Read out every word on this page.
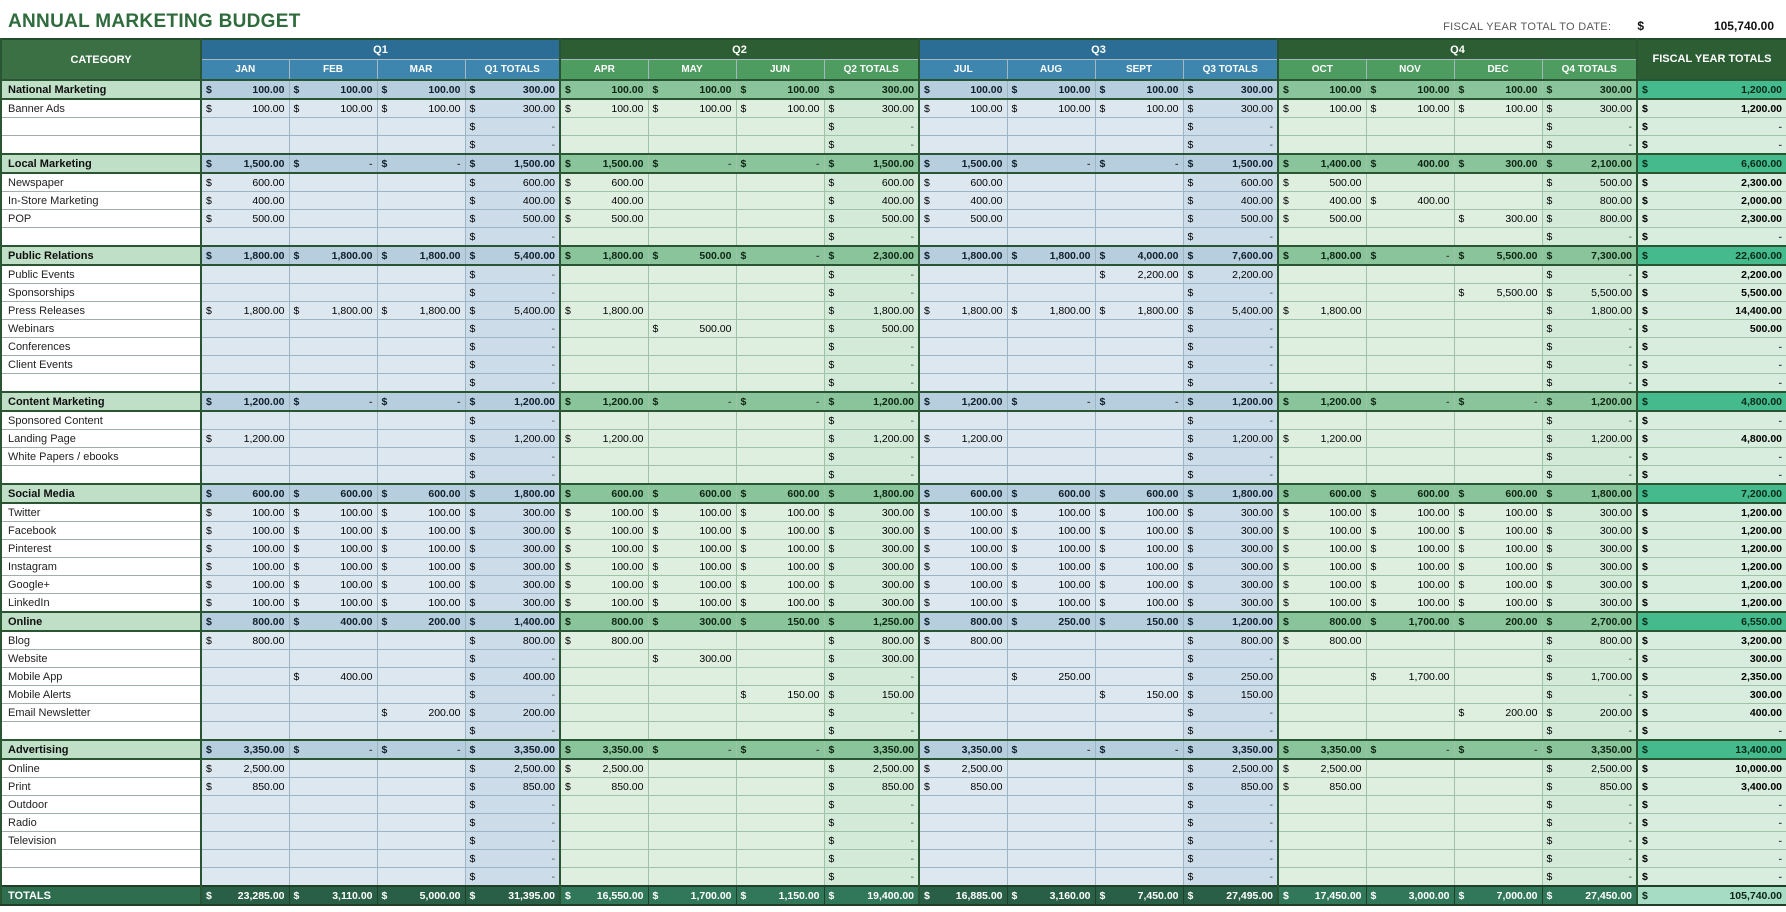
ANNUAL MARKETING BUDGET	FISCAL YEAR TOTAL TO DATE: $	105,740.00
CATEGORY	Q1				Q2				Q3				Q4				FISCAL YEAR TOTALS
	JAN	FEB	MAR	Q1 TOTALS	APR	MAY	JUN	Q2 TOTALS	JUL	AUG	SEPT	Q3 TOTALS	OCT	NOV	DEC	Q4 TOTALS	
National Marketing	$ 100.00	$ 100.00	$ 100.00	$ 300.00	$ 100.00	$ 100.00	$ 100.00	$ 300.00	$ 100.00	$ 100.00	$ 100.00	$ 300.00	$ 100.00	$ 100.00	$ 100.00	$ 300.00	$ 1,200.00

Banner Ads	$ 100.00	$ 100.00	$ 100.00	$ 300.00	$ 100.00	$ 100.00	$ 100.00	$ 300.00	$ 100.00	$ 100.00	$ 100.00	$ 300.00	$ 100.00	$ 100.00	$ 100.00	$ 300.00	$ 1,200.00

				$ -				$ -				$ -				$ -	$ -

				$ -				$ -				$ -				$ -	$ -

Local Marketing	$ 1,500.00	$ -	$ -	$ 1,500.00	$ 1,500.00	$ -	$ -	$ 1,500.00	$ 1,500.00	$ -	$ -	$ 1,500.00	$ 1,400.00	$ 400.00	$ 300.00	$ 2,100.00	$ 6,600.00

Newspaper	$ 600.00			$ 600.00	$ 600.00			$ 600.00	$ 600.00			$ 600.00	$ 500.00			$ 500.00	$ 2,300.00

In-Store Marketing	$ 400.00			$ 400.00	$ 400.00			$ 400.00	$ 400.00			$ 400.00	$ 400.00	$ 400.00		$ 800.00	$ 2,000.00

POP	$ 500.00			$ 500.00	$ 500.00			$ 500.00	$ 500.00			$ 500.00	$ 500.00		$ 300.00	$ 800.00	$ 2,300.00

				$ -				$ -				$ -				$ -	$ -

Public Relations	$ 1,800.00	$ 1,800.00	$ 1,800.00	$ 5,400.00	$ 1,800.00	$ 500.00	$ -	$ 2,300.00	$ 1,800.00	$ 1,800.00	$ 4,000.00	$ 7,600.00	$ 1,800.00	$ -	$ 5,500.00	$ 7,300.00	$ 22,600.00

Public Events				$ -				$ -			$ 2,200.00	$ 2,200.00				$ -	$ 2,200.00

Sponsorships				$ -				$ -				$ -			$ 5,500.00	$ 5,500.00	$ 5,500.00

Press Releases	$ 1,800.00	$ 1,800.00	$ 1,800.00	$ 5,400.00	$ 1,800.00			$ 1,800.00	$ 1,800.00	$ 1,800.00	$ 1,800.00	$ 5,400.00	$ 1,800.00			$ 1,800.00	$ 14,400.00

Webinars				$ -		$ 500.00		$ 500.00				$ -				$ -	$ 500.00

Conferences				$ -				$ -				$ -				$ -	$ -

Client Events				$ -				$ -				$ -				$ -	$ -

				$ -				$ -				$ -				$ -	$ -

Content Marketing	$ 1,200.00	$ -	$ -	$ 1,200.00	$ 1,200.00	$ -	$ -	$ 1,200.00	$ 1,200.00	$ -	$ -	$ 1,200.00	$ 1,200.00	$ -	$ -	$ 1,200.00	$ 4,800.00

Sponsored Content				$ -				$ -				$ -				$ -	$ -

Landing Page	$ 1,200.00			$ 1,200.00	$ 1,200.00			$ 1,200.00	$ 1,200.00			$ 1,200.00	$ 1,200.00			$ 1,200.00	$ 4,800.00

White Papers / ebooks				$ -				$ -				$ -				$ -	$ -

				$ -				$ -				$ -				$ -	$ -

Social Media	$ 600.00	$ 600.00	$ 600.00	$ 1,800.00	$ 600.00	$ 600.00	$ 600.00	$ 1,800.00	$ 600.00	$ 600.00	$ 600.00	$ 1,800.00	$ 600.00	$ 600.00	$ 600.00	$ 1,800.00	$ 7,200.00

Twitter	$ 100.00	$ 100.00	$ 100.00	$ 300.00	$ 100.00	$ 100.00	$ 100.00	$ 300.00	$ 100.00	$ 100.00	$ 100.00	$ 300.00	$ 100.00	$ 100.00	$ 100.00	$ 300.00	$ 1,200.00

Facebook	$ 100.00	$ 100.00	$ 100.00	$ 300.00	$ 100.00	$ 100.00	$ 100.00	$ 300.00	$ 100.00	$ 100.00	$ 100.00	$ 300.00	$ 100.00	$ 100.00	$ 100.00	$ 300.00	$ 1,200.00

Pinterest	$ 100.00	$ 100.00	$ 100.00	$ 300.00	$ 100.00	$ 100.00	$ 100.00	$ 300.00	$ 100.00	$ 100.00	$ 100.00	$ 300.00	$ 100.00	$ 100.00	$ 100.00	$ 300.00	$ 1,200.00

Instagram	$ 100.00	$ 100.00	$ 100.00	$ 300.00	$ 100.00	$ 100.00	$ 100.00	$ 300.00	$ 100.00	$ 100.00	$ 100.00	$ 300.00	$ 100.00	$ 100.00	$ 100.00	$ 300.00	$ 1,200.00

Google+	$ 100.00	$ 100.00	$ 100.00	$ 300.00	$ 100.00	$ 100.00	$ 100.00	$ 300.00	$ 100.00	$ 100.00	$ 100.00	$ 300.00	$ 100.00	$ 100.00	$ 100.00	$ 300.00	$ 1,200.00

LinkedIn	$ 100.00	$ 100.00	$ 100.00	$ 300.00	$ 100.00	$ 100.00	$ 100.00	$ 300.00	$ 100.00	$ 100.00	$ 100.00	$ 300.00	$ 100.00	$ 100.00	$ 100.00	$ 300.00	$ 1,200.00

Online	$ 800.00	$ 400.00	$ 200.00	$ 1,400.00	$ 800.00	$ 300.00	$ 150.00	$ 1,250.00	$ 800.00	$ 250.00	$ 150.00	$ 1,200.00	$ 800.00	$ 1,700.00	$ 200.00	$ 2,700.00	$ 6,550.00

Blog	$ 800.00			$ 800.00	$ 800.00			$ 800.00	$ 800.00			$ 800.00	$ 800.00			$ 800.00	$ 3,200.00

Website				$ -		$ 300.00		$ 300.00				$ -				$ -	$ 300.00

Mobile App		$ 400.00		$ 400.00				$ -		$ 250.00		$ 250.00		$ 1,700.00		$ 1,700.00	$ 2,350.00

Mobile Alerts				$ -			$ 150.00	$ 150.00			$ 150.00	$ 150.00				$ -	$ 300.00

Email Newsletter			$ 200.00	$ 200.00				$ -				$ -			$ 200.00	$ 200.00	$ 400.00

				$ -				$ -				$ -				$ -	$ -

Advertising	$ 3,350.00	$ -	$ -	$ 3,350.00	$ 3,350.00	$ -	$ -	$ 3,350.00	$ 3,350.00	$ -	$ -	$ 3,350.00	$ 3,350.00	$ -	$ -	$ 3,350.00	$ 13,400.00

Online	$ 2,500.00			$ 2,500.00	$ 2,500.00			$ 2,500.00	$ 2,500.00			$ 2,500.00	$ 2,500.00			$ 2,500.00	$ 10,000.00

Print	$ 850.00			$ 850.00	$ 850.00			$ 850.00	$ 850.00			$ 850.00	$ 850.00			$ 850.00	$ 3,400.00

Outdoor				$ -				$ -				$ -				$ -	$ -

Radio				$ -				$ -				$ -				$ -	$ -

Television				$ -				$ -				$ -				$ -	$ -

				$ -				$ -				$ -				$ -	$ -

				$ -				$ -				$ -				$ -	$ -

TOTALS	$ 23,285.00	$ 3,110.00	$ 5,000.00	$ 31,395.00	$ 16,550.00	$ 1,700.00	$ 1,150.00	$ 19,400.00	$ 16,885.00	$ 3,160.00	$ 7,450.00	$ 27,495.00	$ 17,450.00	$ 3,000.00	$ 7,000.00	$ 27,450.00	$ 105,740.00
